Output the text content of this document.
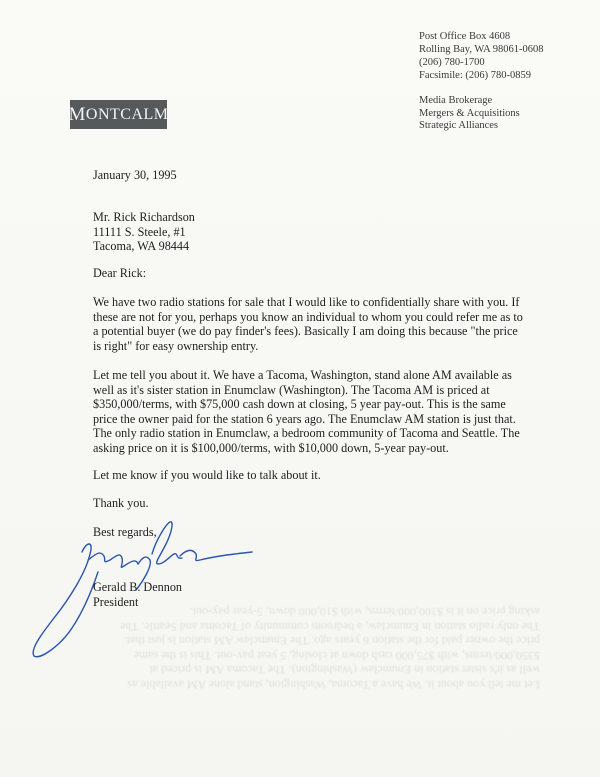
Post Office Box 4608
Rolling Bay, WA 98061-0608
(206) 780-1700
Facsimile: (206) 780-0859
Media Brokerage
Mergers & Acquisitions
Strategic Alliances
M ONTCALM
January 30, 1995
Mr. Rick Richardson
11111 S. Steele, #1
Tacoma, WA 98444
Dear Rick:
We have two radio stations for sale that I would like to confidentially share with you. If
these are not for you, perhaps you know an individual to whom you could refer me as to
a potential buyer (we do pay finder's fees). Basically I am doing this because "the price
is right" for easy ownership entry.
Let me tell you about it. We have a Tacoma, Washington, stand alone AM available as
well as it's sister station in Enumclaw (Washington). The Tacoma AM is priced at
$350,000/terms, with $75,000 cash down at closing, 5 year pay-out. This is the same
price the owner paid for the station 6 years ago. The Enumclaw AM station is just that.
The only radio station in Enumclaw, a bedroom community of Tacoma and Seattle. The
asking price on it is $100,000/terms, with $10,000 down, 5-year pay-out.
Let me know if you would like to talk about it.
Thank you.
Best regards,
Gerald B. Dennon
President
Let me tell you about it. We have a Tacoma, Washington, stand alone AM available as
well as it's sister station in Enumclaw (Washington). The Tacoma AM is priced at
$350,000/terms, with $75,000 cash down at closing, 5 year pay-out. This is the same
price the owner paid for the station 6 years ago. The Enumclaw AM station is just that.
The only radio station in Enumclaw, a bedroom community of Tacoma and Seattle. The
asking price on it is $100,000/terms, with $10,000 down, 5-year pay-out.
